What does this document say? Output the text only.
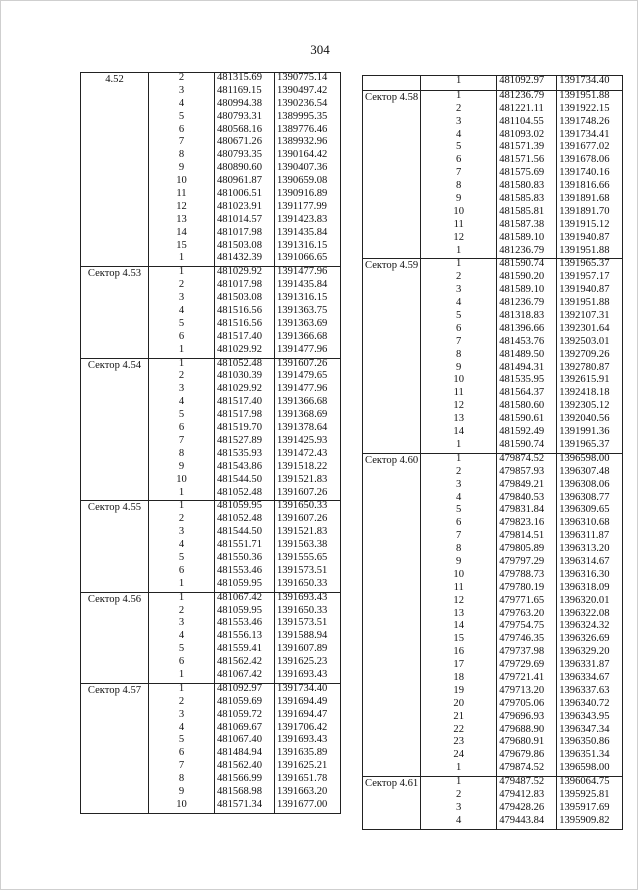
304
4.52	2	481315.69	1390775.14
	3	481169.15	1390497.42
	4	480994.38	1390236.54
	5	480793.31	1389995.35
	6	480568.16	1389776.46
	7	480671.26	1389932.96
	8	480793.35	1390164.42
	9	480890.60	1390407.36
	10	480961.87	1390659.08
	11	481006.51	1390916.89
	12	481023.91	1391177.99
	13	481014.57	1391423.83
	14	481017.98	1391435.84
	15	481503.08	1391316.15
	1	481432.39	1391066.65
Сектор 4.53	1	481029.92	1391477.96
	2	481017.98	1391435.84
	3	481503.08	1391316.15
	4	481516.56	1391363.75
	5	481516.56	1391363.69
	6	481517.40	1391366.68
	1	481029.92	1391477.96
Сектор 4.54	1	481052.48	1391607.26
	2	481030.39	1391479.65
	3	481029.92	1391477.96
	4	481517.40	1391366.68
	5	481517.98	1391368.69
	6	481519.70	1391378.64
	7	481527.89	1391425.93
	8	481535.93	1391472.43
	9	481543.86	1391518.22
	10	481544.50	1391521.83
	1	481052.48	1391607.26
Сектор 4.55	1	481059.95	1391650.33
	2	481052.48	1391607.26
	3	481544.50	1391521.83
	4	481551.71	1391563.38
	5	481550.36	1391555.65
	6	481553.46	1391573.51
	1	481059.95	1391650.33
Сектор 4.56	1	481067.42	1391693.43
	2	481059.95	1391650.33
	3	481553.46	1391573.51
	4	481556.13	1391588.94
	5	481559.41	1391607.89
	6	481562.42	1391625.23
	1	481067.42	1391693.43
Сектор 4.57	1	481092.97	1391734.40
	2	481059.69	1391694.49
	3	481059.72	1391694.47
	4	481069.67	1391706.42
	5	481067.40	1391693.43
	6	481484.94	1391635.89
	7	481562.40	1391625.21
	8	481566.99	1391651.78
	9	481568.98	1391663.20
	10	481571.34	1391677.00
	1	481092.97	1391734.40
Сектор 4.58	1	481236.79	1391951.88
	2	481221.11	1391922.15
	3	481104.55	1391748.26
	4	481093.02	1391734.41
	5	481571.39	1391677.02
	6	481571.56	1391678.06
	7	481575.69	1391740.16
	8	481580.83	1391816.66
	9	481585.83	1391891.68
	10	481585.81	1391891.70
	11	481587.38	1391915.12
	12	481589.10	1391940.87
	1	481236.79	1391951.88
Сектор 4.59	1	481590.74	1391965.37
	2	481590.20	1391957.17
	3	481589.10	1391940.87
	4	481236.79	1391951.88
	5	481318.83	1392107.31
	6	481396.66	1392301.64
	7	481453.76	1392503.01
	8	481489.50	1392709.26
	9	481494.31	1392780.87
	10	481535.95	1392615.91
	11	481564.37	1392418.18
	12	481580.60	1392305.12
	13	481590.61	1392040.56
	14	481592.49	1391991.36
	1	481590.74	1391965.37
Сектор 4.60	1	479874.52	1396598.00
	2	479857.93	1396307.48
	3	479849.21	1396308.06
	4	479840.53	1396308.77
	5	479831.84	1396309.65
	6	479823.16	1396310.68
	7	479814.51	1396311.87
	8	479805.89	1396313.20
	9	479797.29	1396314.67
	10	479788.73	1396316.30
	11	479780.19	1396318.09
	12	479771.65	1396320.01
	13	479763.20	1396322.08
	14	479754.75	1396324.32
	15	479746.35	1396326.69
	16	479737.98	1396329.20
	17	479729.69	1396331.87
	18	479721.41	1396334.67
	19	479713.20	1396337.63
	20	479705.06	1396340.72
	21	479696.93	1396343.95
	22	479688.90	1396347.34
	23	479680.91	1396350.86
	24	479679.86	1396351.34
	1	479874.52	1396598.00
Сектор 4.61	1	479487.52	1396064.75
	2	479412.83	1395925.81
	3	479428.26	1395917.69
	4	479443.84	1395909.82
